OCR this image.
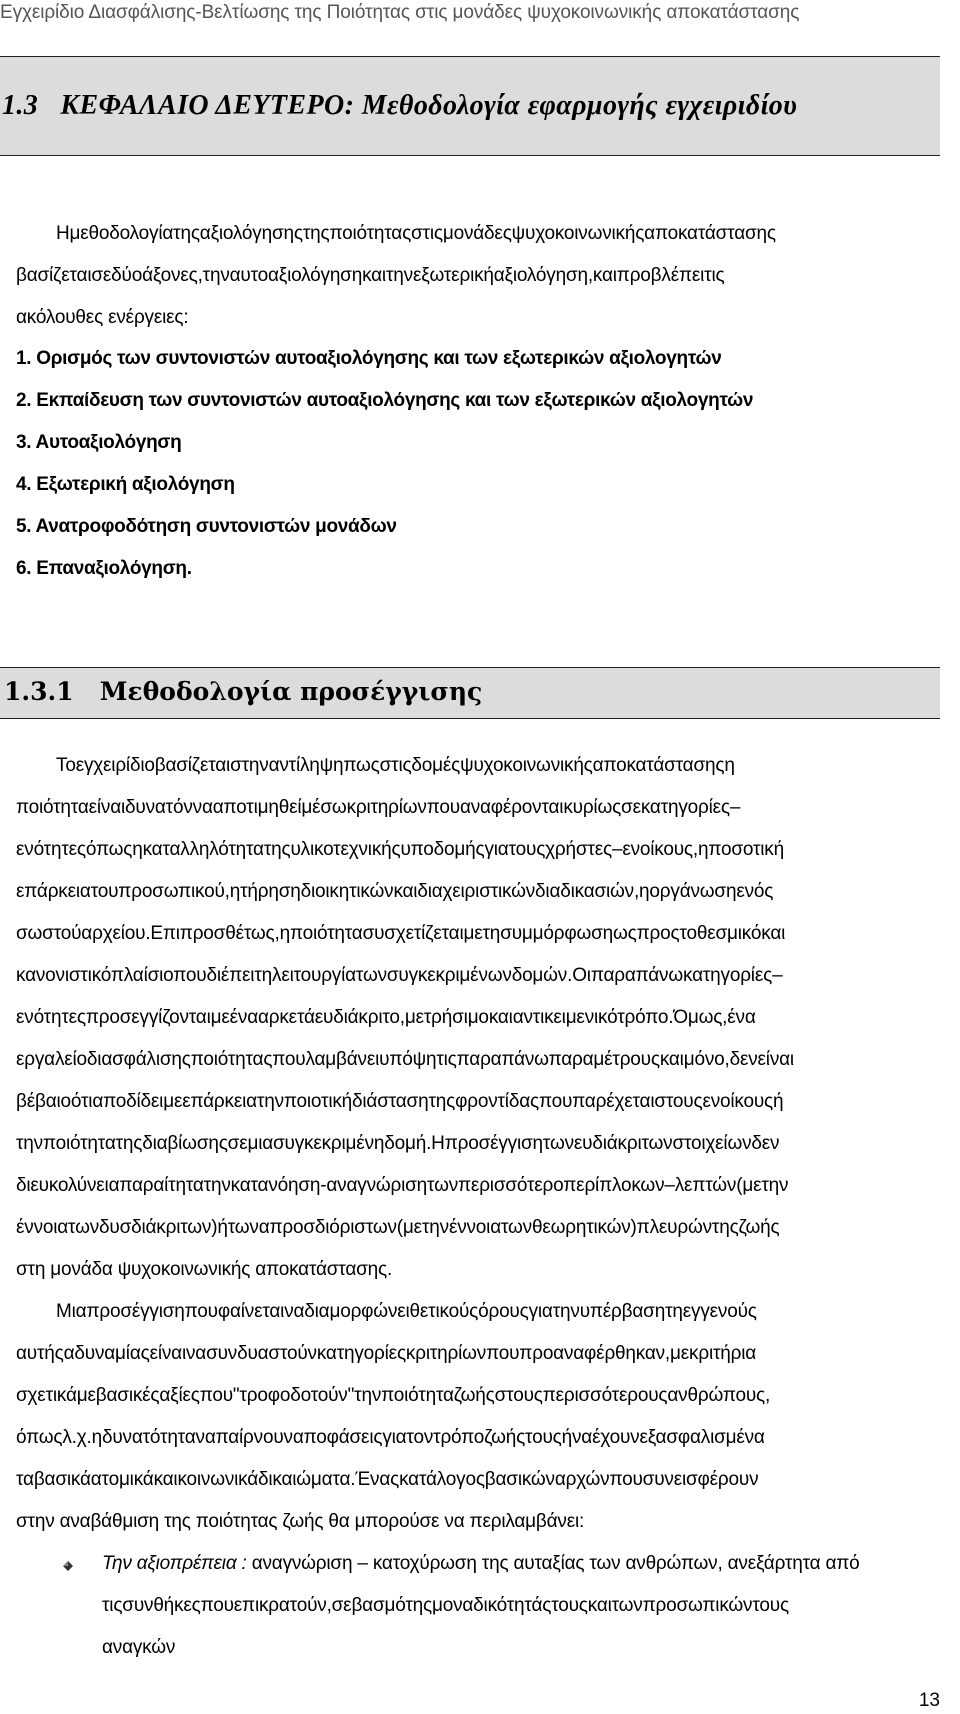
Εγχειρίδιο Διασφάλισης-Βελτίωσης της Ποιότητας στις μονάδες ψυχοκοινωνικής αποκατάστασης
1.3 ΚΕΦΑΛΑΙΟ ΔΕΥΤΕΡΟ: Μεθοδολογία εφαρμογής εγχειριδίου
Ημεθοδολογίατηςαξιολόγησηςτηςποιότηταςστιςμονάδεςψυχοκοινωνικήςαποκατάστασης
βασίζεταισεδύοάξονες,τηναυτοαξιολόγησηκαιτηνεξωτερικήαξιολόγηση,καιπροβλέπειτις
ακόλουθες ενέργειες:
1. Ορισμός των συντονιστών αυτοαξιολόγησης και των εξωτερικών αξιολογητών
2. Εκπαίδευση των συντονιστών αυτοαξιολόγησης και των εξωτερικών αξιολογητών
3. Αυτοαξιολόγηση
4. Εξωτερική αξιολόγηση
5. Ανατροφοδότηση συντονιστών μονάδων
6. Επαναξιολόγηση.
1.3.1 Μεθοδολογία προσέγγισης
Τοεγχειρίδιοβασίζεταιστηναντίληψηπωςστιςδομέςψυχοκοινωνικήςαποκατάστασηςη
ποιότηταείναιδυνατόννααποτιμηθείμέσωκριτηρίωνπουαναφέρονταικυρίωςσεκατηγορίες–
ενότητεςόπωςηκαταλληλότητατηςυλικοτεχνικήςυποδομήςγιατουςχρήστες–ενοίκους,ηποσοτική
επάρκειατουπροσωπικού,ητήρησηδιοικητικώνκαιδιαχειριστικώνδιαδικασιών,ηοργάνωσηενός
σωστούαρχείου.Επιπροσθέτως,ηποιότητασυσχετίζεταιμετησυμμόρφωσηωςπροςτοθεσμικόκαι
κανονιστικόπλαίσιοπουδιέπειτηλειτουργίατωνσυγκεκριμένωνδομών.Οιπαραπάνωκατηγορίες–
ενότητεςπροσεγγίζονταιμεένααρκετάευδιάκριτο,μετρήσιμοκαιαντικειμενικότρόπο.Όμως,ένα
εργαλείοδιασφάλισηςποιότηταςπουλαμβάνειυπόψητιςπαραπάνωπαραμέτρουςκαιμόνο,δενείναι
βέβαιοότιαποδίδειμεεπάρκειατηνποιοτικήδιάστασητηςφροντίδαςπουπαρέχεταιστουςενοίκουςή
τηνποιότητατηςδιαβίωσηςσεμιασυγκεκριμένηδομή.Ηπροσέγγισητωνευδιάκριτωνστοιχείωνδεν
διευκολύνειαπαραίτητατηνκατανόηση-αναγνώρισητωνπερισσότεροπερίπλοκων–λεπτών(μετην
έννοιατωνδυσδιάκριτων)ήτωναπροσδιόριστων(μετηνέννοιατωνθεωρητικών)πλευρώντηςζωής
στη μονάδα ψυχοκοινωνικής αποκατάστασης.
Μιαπροσέγγισηπουφαίνεταιναδιαμορφώνειθετικούςόρουςγιατηνυπέρβασητηεγγενούς
αυτήςαδυναμίαςείναινασυνδυαστούνκατηγορίεςκριτηρίωνπουπροαναφέρθηκαν,μεκριτήρια
σχετικάμεβασικέςαξίεςπου"τροφοδοτούν"τηνποιότηταζωήςστουςπερισσότερουςανθρώπους,
όπωςλ.χ.ηδυνατότηταναπαίρνουναποφάσειςγιατοντρόποζωήςτουςήναέχουνεξασφαλισμένα
ταβασικάατομικάκαικοινωνικάδικαιώματα.Έναςκατάλογοςβασικώναρχώνπουσυνεισφέρουν
στην αναβάθμιση της ποιότητας ζωής θα μπορούσε να περιλαμβάνει:
Την αξιοπρέπεια : αναγνώριση – κατοχύρωση της αυταξίας των ανθρώπων, ανεξάρτητα από
τιςσυνθήκεςπουεπικρατούν,σεβασμότηςμοναδικότητάςτουςκαιτωνπροσωπικώντους
αναγκών
13
